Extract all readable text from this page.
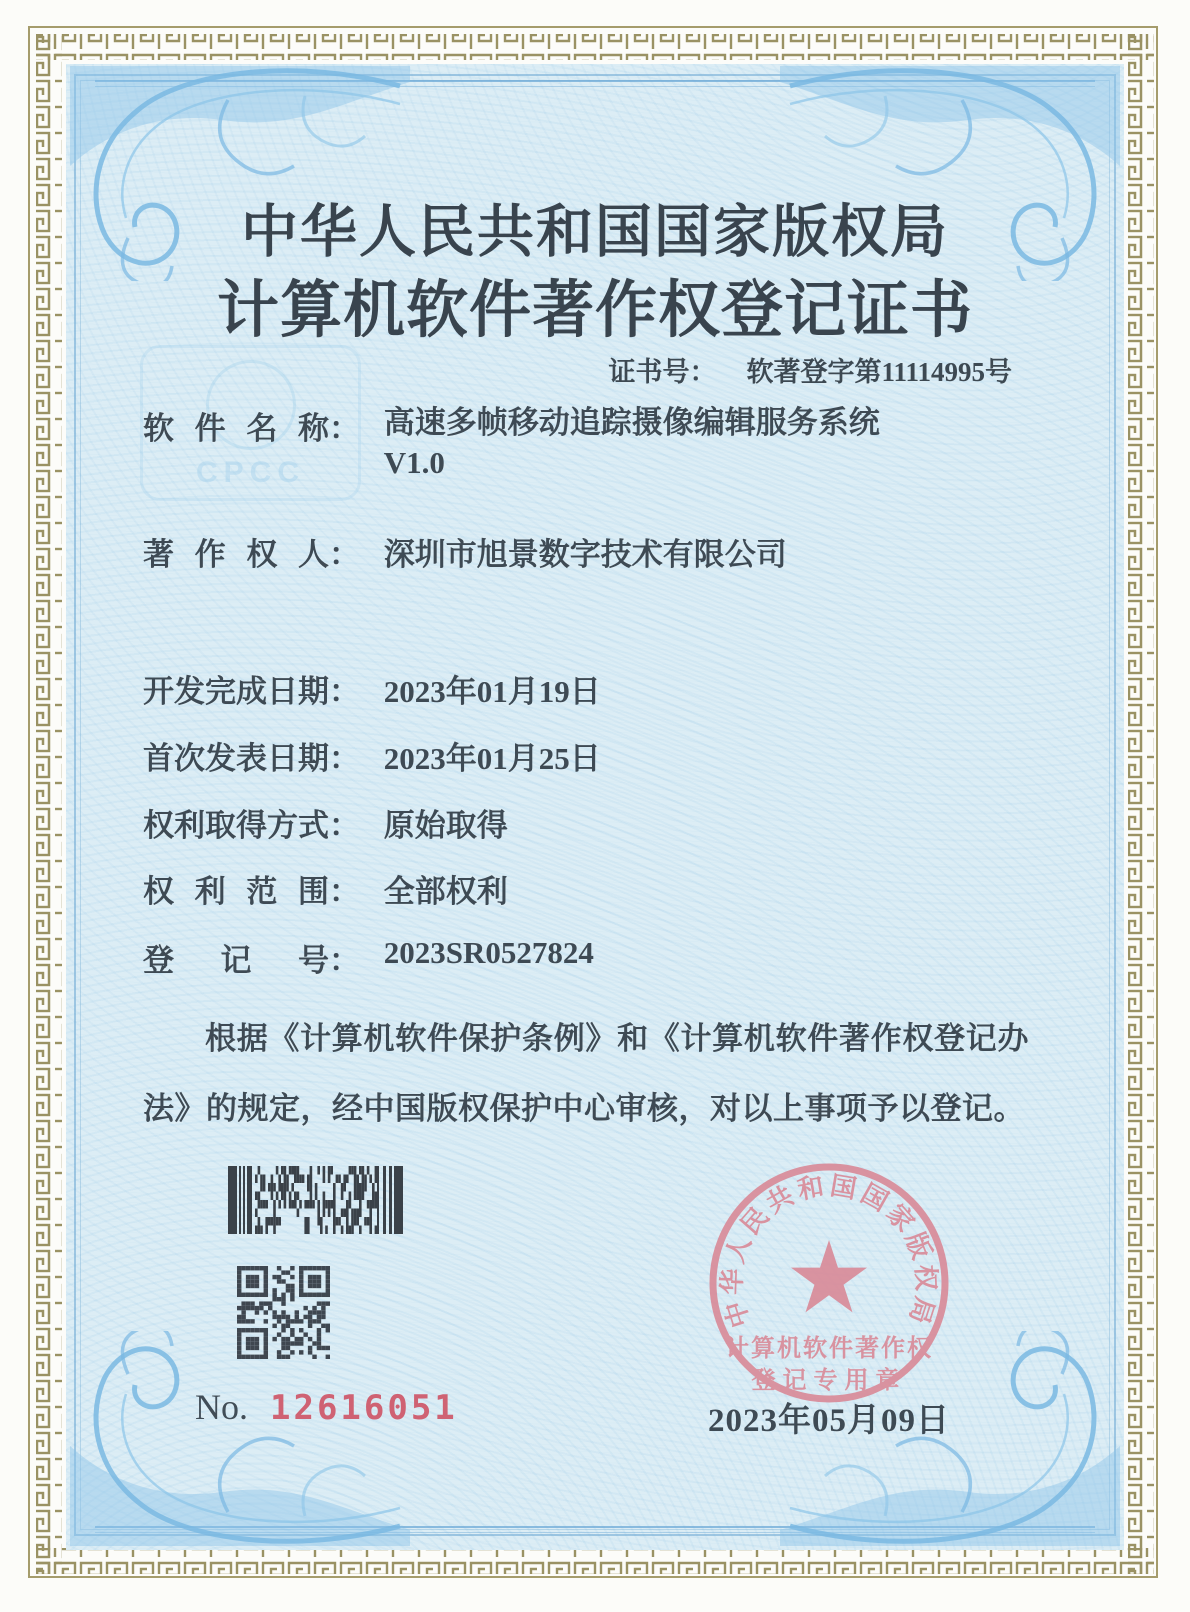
CPCC
中华人民共和国国家版权局
计算机软件著作权登记证书
证书号： 软著登字第11114995号
软件名称： 高速多帧移动追踪摄像编辑服务系统
V1.0
著作权人： 深圳市旭景数字技术有限公司
开发完成日期： 2023年01月19日
首次发表日期： 2023年01月25日
权利取得方式： 原始取得
权利范围： 全部权利
登记号： 2023SR0527824
根据《计算机软件保护条例》和《计算机软件著作权登记办法》的规定，经中国版权保护中心审核，对以上事项予以登记。
No. 12616051
中华人民共和国国家版权局
计算机软件著作权
登记专用章
2023年05月09日
